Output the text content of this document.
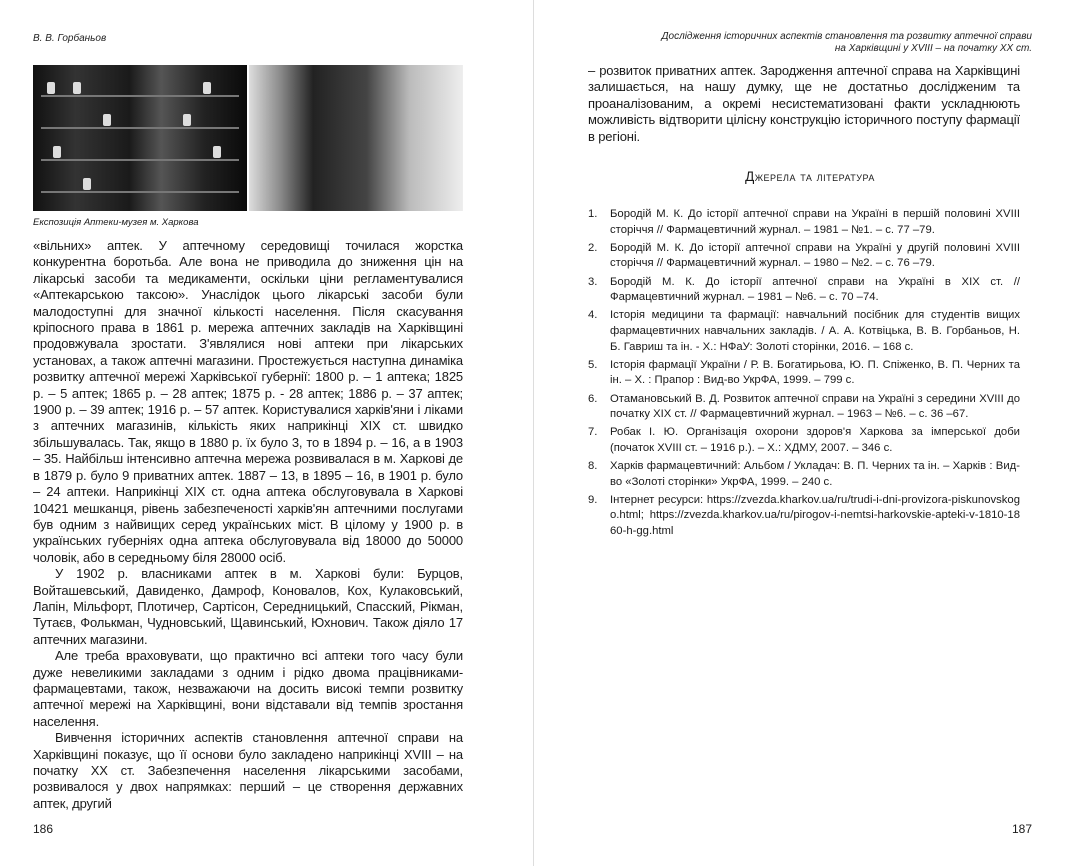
В. В. Горбаньов
Експозиція Аптеки-музея м. Харкова

«вільних» аптек. У аптечному середовищі точилася жорстка конкурентна боротьба. Але вона не приводила до зниження цін на лікарські засоби та медикаменти, оскільки ціни регламентувалися «Аптекарською таксою». Унаслідок цього лікарські засоби були малодоступні для значної кількості населення. Після скасування кріпосного права в 1861 р. мережа аптечних закладів на Харківщині продовжувала зростати. З'являлися нові аптеки при лікарських установах, а також аптечні магазини. Простежується наступна динаміка розвитку аптечної мережі Харківської губернії: 1800 р. – 1 аптека; 1825 р. – 5 аптек; 1865 р. – 28 аптек; 1875 р. - 28 аптек; 1886 р. – 37 аптек; 1900 р. – 39 аптек; 1916 р. – 57 аптек. Користувалися харків'яни і ліками з аптечних магазинів, кількість яких наприкінці XIX ст. швидко збільшувалась. Так, якщо в 1880 р. їх було 3, то в 1894 р. – 16, а в 1903 – 35. Найбільш інтенсивно аптечна мережа розвивалася в м. Харкові де в 1879 р. було 9 приватних аптек. 1887 – 13, в 1895 – 16, в 1901 р. було – 24 аптеки. Наприкінці XIX ст. одна аптека обслуговувала в Харкові 10421 мешканця, рівень забезпеченості харків'ян аптечними послугами був одним з найвищих серед українських міст. В цілому у 1900 р. в українських губерніях одна аптека обслуговувала від 18000 до 50000 чоловік, або в середньому біля 28000 осіб.

У 1902 р. власниками аптек в м. Харкові були: Бурцов, Войташевський, Давиденко, Дамроф, Коновалов, Кох, Кулаковський, Лапін, Мільфорт, Плотичер, Сартісон, Середницький, Спасский, Рікман, Тутаєв, Фолькман, Чудновський, Щавинський, Юхнович. Також діяло 17 аптечних магазини.

Але треба враховувати, що практично всі аптеки того часу були дуже невеликими закладами з одним і рідко двома працівниками-фармацевтами, також, незважаючи на досить високі темпи розвитку аптечної мережі на Харківщині, вони відставали від темпів зростання населення.

Вивчення історичних аспектів становлення аптечної справи на Харківщині показує, що її основи було закладено наприкінці XVIII – на початку XX ст. Забезпечення населення лікарськими засобами, розвивалося у двох напрямках: перший – це створення державних аптек, другий

186
Дослідження історичних аспектів становлення та розвитку аптечної справи
на Харківщині у XVIII – на початку XX ст.

– розвиток приватних аптек. Зародження аптечної справа на Харківщині залишається, на нашу думку, ще не достатньо дослідженим та проаналізованим, а окремі несистематизовані факти ускладнюють можливість відтворити цілісну конструкцію історичного поступу фармації в регіоні.

Джерела та література
1.	Бородій М. К. До історії аптечної справи на Україні в першій половині XVIII сторіччя // Фармацевтичний журнал. – 1981 – №1. – с. 77 –79.
2.	Бородій М. К. До історії аптечної справи на Україні у другій половині XVIII сторіччя // Фармацевтичний журнал. – 1980 – №2. – с. 76 –79.
3.	Бородій М. К. До історії аптечної справи на Україні в XIX ст. // Фармацевтичний журнал. – 1981 – №6. – с. 70 –74.
4.	Історія медицини та фармації: навчальний посібник для студентів вищих фармацевтичних навчальних закладів. / А. А. Котвіцька, В. В. Горбаньов, Н. Б. Гавриш та ін. - Х.: НФаУ: Золоті сторінки, 2016. – 168 с.
5.	Історія фармації України / Р. В. Богатирьова, Ю. П. Спіженко, В. П. Черних та ін. – Х. : Прапор : Вид-во УкрФА, 1999. – 799 с.
6.	Отамановський В. Д. Розвиток аптечної справи на Україні з середини XVIII до початку XIX ст. // Фармацевтичний журнал. – 1963 – №6. – с. 36 –67.
7.	Робак І. Ю. Організація охорони здоров'я Харкова за імперської доби (початок XVIII ст. – 1916 р.). – Х.: ХДМУ, 2007. – 346 с.
8.	Харків фармацевтичний: Альбом / Укладач: В. П. Черних та ін. – Харків : Вид-во «Золоті сторінки» УкрФА, 1999. – 240 с.
9.	Інтернет ресурси: https://zvezda.kharkov.ua/ru/trudi-i-dni-provizora-piskunovskogo.html; https://zvezda.kharkov.ua/ru/pirogov-i-nemtsi-harkovskie-apteki-v-1810-1860-h-gg.html
187
